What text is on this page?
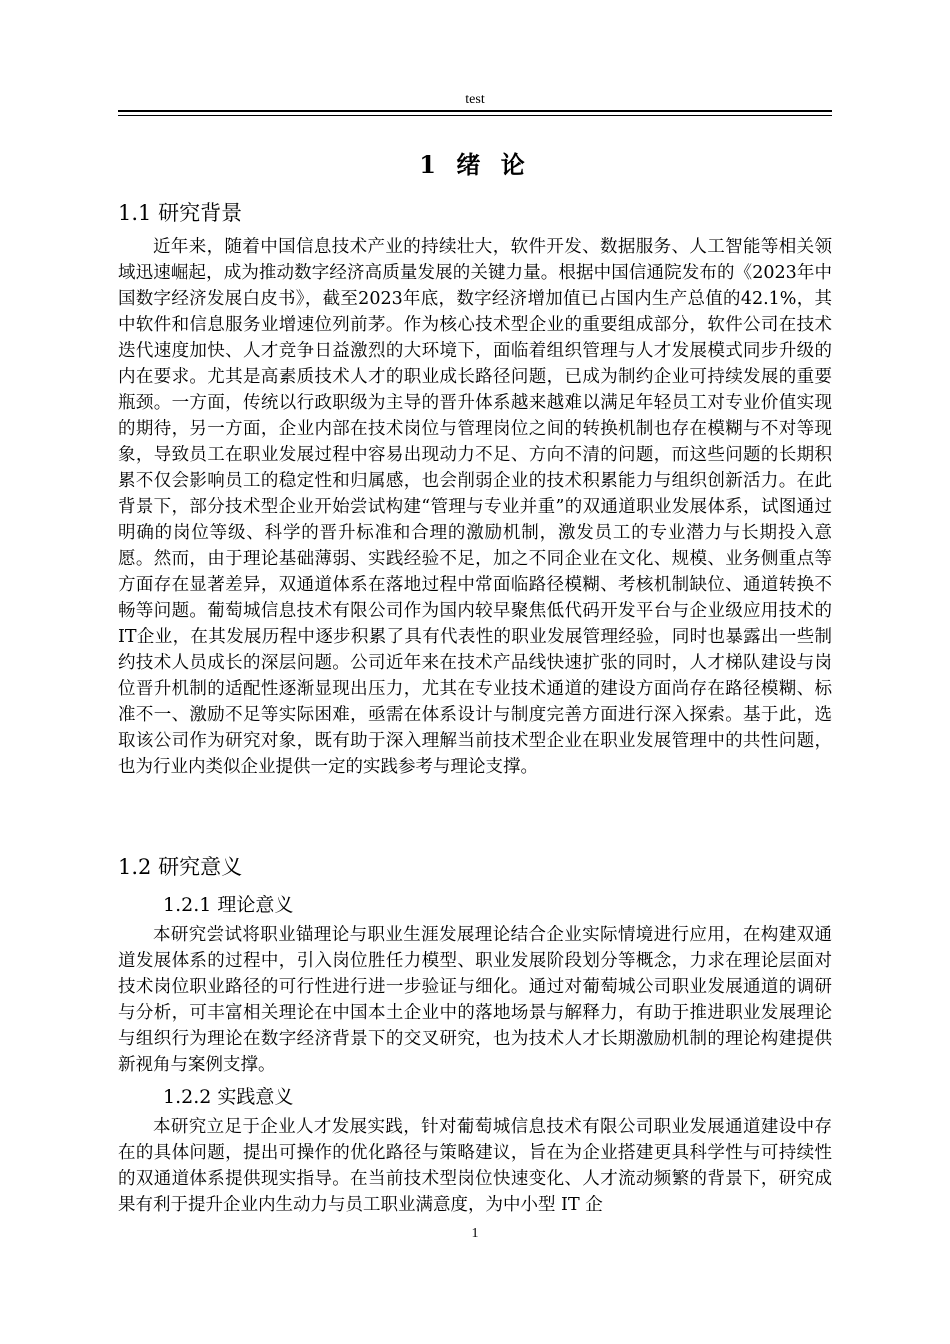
test
1 绪 论
1.1 研究背景

近年来，随着中国信息技术产业的持续壮大，软件开发、数据服务、人工智能等相关领域迅速崛起，成为推动数字经济高质量发展的关键力量。根据中国信通院发布的《2023年中国数字经济发展白皮书》，截至2023年底，数字经济增加值已占国内生产总值的42.1%，其中软件和信息服务业增速位列前茅。作为核心技术型企业的重要组成部分，软件公司在技术迭代速度加快、人才竞争日益激烈的大环境下，面临着组织管理与人才发展模式同步升级的内在要求。尤其是高素质技术人才的职业成长路径问题，已成为制约企业可持续发展的重要瓶颈。一方面，传统以行政职级为主导的晋升体系越来越难以满足年轻员工对专业价值实现的期待，另一方面，企业内部在技术岗位与管理岗位之间的转换机制也存在模糊与不对等现象，导致员工在职业发展过程中容易出现动力不足、方向不清的问题，而这些问题的长期积累不仅会影响员工的稳定性和归属感，也会削弱企业的技术积累能力与组织创新活力。在此背景下，部分技术型企业开始尝试构建“管理与专业并重”的双通道职业发展体系，试图通过明确的岗位等级、科学的晋升标准和合理的激励机制，激发员工的专业潜力与长期投入意愿。然而，由于理论基础薄弱、实践经验不足，加之不同企业在文化、规模、业务侧重点等方面存在显著差异，双通道体系在落地过程中常面临路径模糊、考核机制缺位、通道转换不畅等问题。葡萄城信息技术有限公司作为国内较早聚焦低代码开发平台与企业级应用技术的IT企业，在其发展历程中逐步积累了具有代表性的职业发展管理经验，同时也暴露出一些制约技术人员成长的深层问题。公司近年来在技术产品线快速扩张的同时，人才梯队建设与岗位晋升机制的适配性逐渐显现出压力，尤其在专业技术通道的建设方面尚存在路径模糊、标准不一、激励不足等实际困难，亟需在体系设计与制度完善方面进行深入探索。基于此，选取该公司作为研究对象，既有助于深入理解当前技术型企业在职业发展管理中的共性问题，也为行业内类似企业提供一定的实践参考与理论支撑。

1.2 研究意义
1.2.1 理论意义

本研究尝试将职业锚理论与职业生涯发展理论结合企业实际情境进行应用，在构建双通道发展体系的过程中，引入岗位胜任力模型、职业发展阶段划分等概念，力求在理论层面对技术岗位职业路径的可行性进行进一步验证与细化。通过对葡萄城公司职业发展通道的调研与分析，可丰富相关理论在中国本土企业中的落地场景与解释力，有助于推进职业发展理论与组织行为理论在数字经济背景下的交叉研究，也为技术人才长期激励机制的理论构建提供新视角与案例支撑。

1.2.2 实践意义

本研究立足于企业人才发展实践，针对葡萄城信息技术有限公司职业发展通道建设中存在的具体问题，提出可操作的优化路径与策略建议，旨在为企业搭建更具科学性与可持续性的双通道体系提供现实指导。在当前技术型岗位快速变化、人才流动频繁的背景下，研究成果有利于提升企业内生动力与员工职业满意度，为中小型 IT 企

1
